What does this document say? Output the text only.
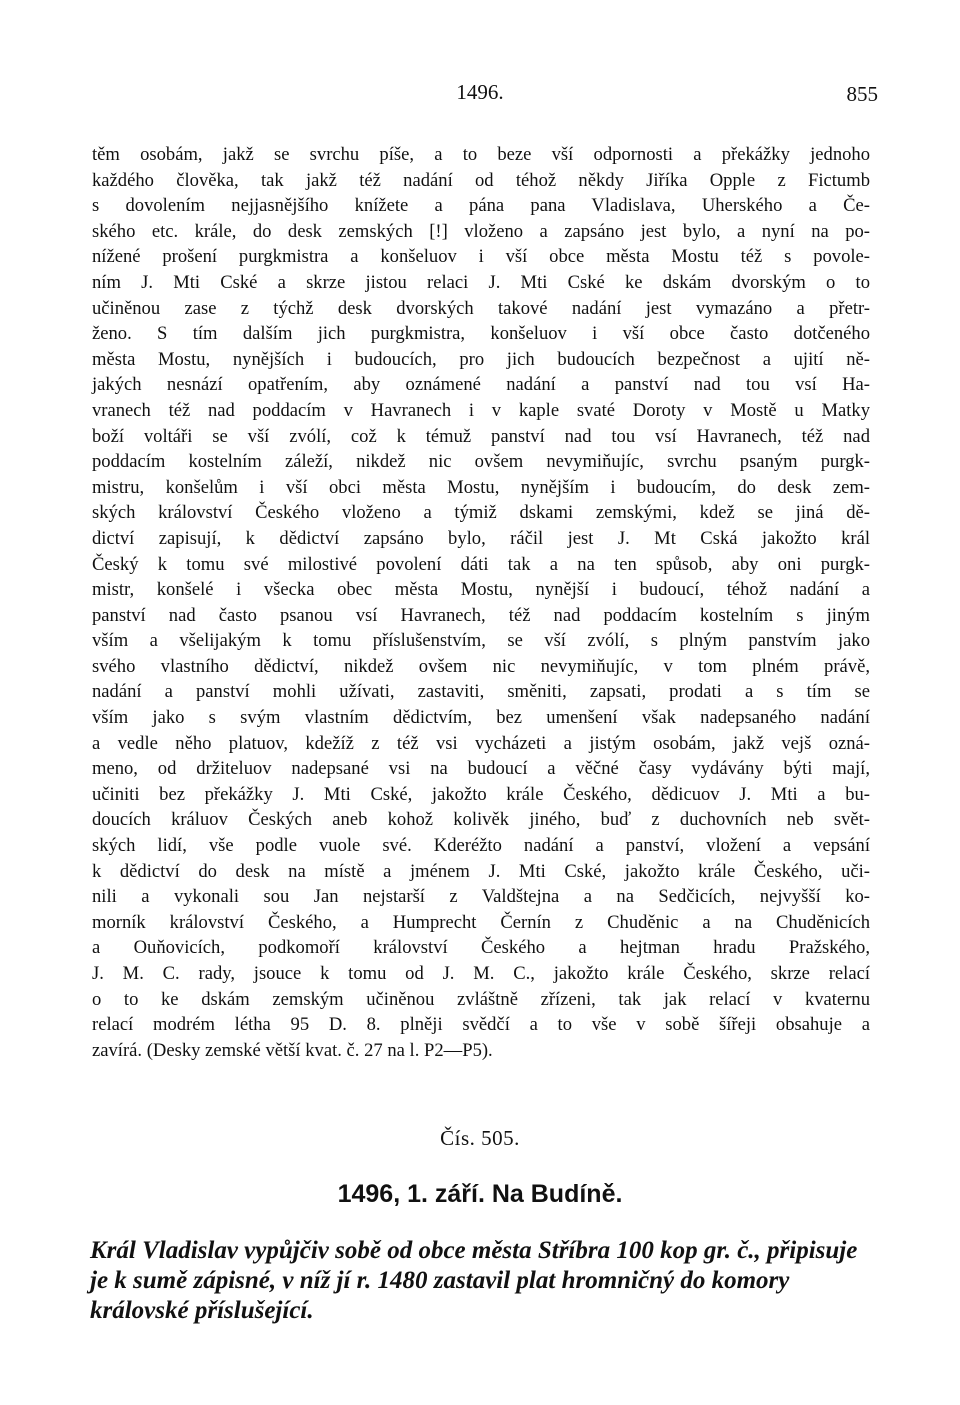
1496.	855
těm osobám, jakž se svrchu píše, a to beze vší odpornosti a překážky jednoho
každého člověka, tak jakž též nadání od téhož někdy Jiříka Opple z Fictumb
s dovolením nejjasnějšího knížete a pána pana Vladislava, Uherského a Če-
ského etc. krále, do desk zemských [!] vloženo a zapsáno jest bylo, a nyní na po-
nížené prošení purgkmistra a konšeluov i vší obce města Mostu též s povole-
ním J. Mti Cské a skrze jistou relaci J. Mti Cské ke dskám dvorským o to
učiněnou zase z týchž desk dvorských takové nadání jest vymazáno a přetr-
ženo. S tím dalším jich purgkmistra, konšeluov i vší obce často dotčeného
města Mostu, nynějších i budoucích, pro jich budoucích bezpečnost a ujití ně-
jakých nesnází opatřením, aby oznámené nadání a panství nad tou vsí Ha-
vranech též nad poddacím v Havranech i v kaple svaté Doroty v Mostě u Matky
boží voltáři se vší zvólí, což k témuž panství nad tou vsí Havranech, též nad
poddacím kostelním záleží, nikdež nic ovšem nevymiňujíc, svrchu psaným purgk-
mistru, konšelům i vší obci města Mostu, nynějším i budoucím, do desk zem-
ských království Českého vloženo a týmiž dskami zemskými, kdež se jiná dě-
dictví zapisují, k dědictví zapsáno bylo, ráčil jest J. Mt Cská jakožto král
Český k tomu své milostivé povolení dáti tak a na ten spůsob, aby oni purgk-
mistr, konšelé i všecka obec města Mostu, nynější i budoucí, téhož nadání a
panství nad často psanou vsí Havranech, též nad poddacím kostelním s jiným
vším a všelijakým k tomu příslušenstvím, se vší zvólí, s plným panstvím jako
svého vlastního dědictví, nikdež ovšem nic nevymiňujíc, v tom plném právě,
nadání a panství mohli užívati, zastaviti, směniti, zapsati, prodati a s tím se
vším jako s svým vlastním dědictvím, bez umenšení však nadepsaného nadání
a vedle něho platuov, kdežíž z též vsi vycházeti a jistým osobám, jakž vejš ozná-
meno, od držiteluov nadepsané vsi na budoucí a věčné časy vydávány býti mají,
učiniti bez překážky J. Mti Cské, jakožto krále Českého, dědicuov J. Mti a bu-
doucích králuov Českých aneb kohož kolivěk jiného, buď z duchovních neb svět-
ských lidí, vše podle vuole své. Kderéžto nadání a panství, vložení a vepsání
k dědictví do desk na místě a jménem J. Mti Cské, jakožto krále Českého, uči-
nili a vykonali sou Jan nejstarší z Valdštejna a na Sedčicích, nejvyšší ko-
morník království Českého, a Humprecht Černín z Chuděnic a na Chuděnicích
a Ouňovicích, podkomoří království Českého a hejtman hradu Pražského,
J. M. C. rady, jsouce k tomu od J. M. C., jakožto krále Českého, skrze relací
o to ke dskám zemským učiněnou zvláštně zřízeni, tak jak relací v kvaternu
relací modrém létha 95 D. 8. plněji svědčí a to vše v sobě šířeji obsahuje a
zavírá. (Desky zemské větší kvat. č. 27 na l. P2—P5).
Čís. 505.
1496, 1. září. Na Budíně.
Král Vladislav vypůjčiv sobě od obce města Stříbra 100 kop gr. č., připisuje je k sumě zápisné, v níž jí r. 1480 zastavil plat hromničný do komory královské příslušející.
